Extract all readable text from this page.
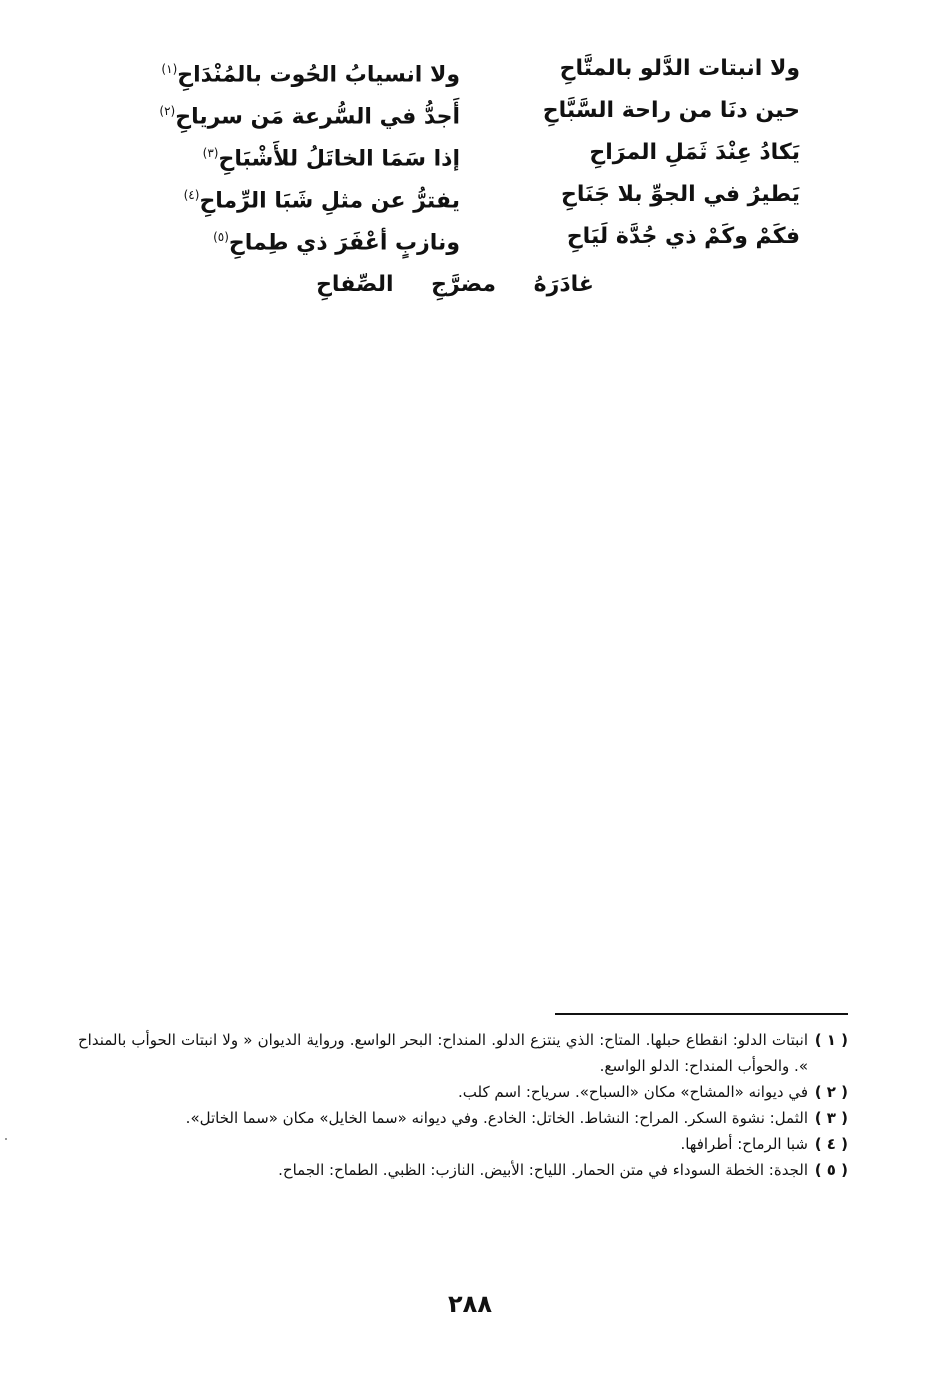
ولا انبتات الدَّلو بالمتَّاحِ
ولا انسيابُ الحُوت بالمُنْدَاحِ$^{(١)}$
حين دنَا من راحة السَّبَّاحِ
أَجدُّ في السُّرعة مَن سرياحِ$^{(٢)}$
يَكادُ عِنْدَ ثَمَلِ المرَاحِ
إذا سَمَا الخاتَلُ للأَشْبَاحِ$^{(٣)}$
يَطيرُ في الجوِّ بلا جَنَاحِ
يفترُّ عن مثلِ شَبَا الرِّماحِ$^{(٤)}$
فكَمْ وكَمْ ذي جُدَّة لَيَاحِ
ونازبٍ أعْفَرَ ذي طِماحِ$^{(٥)}$
غادَرَهُ مضرَّجِ الصِّفاحِ

( ١ )
انبتات الدلو: انقطاع حبلها. المتاح: الذي ينتزع الدلو. المنداح: البحر الواسع. ورواية الديوان « ولا انبتات الحوأب بالمنداح ». والحوأب المنداح: الدلو الواسع.

( ٢ )
في ديوانه «المشاح» مكان «السباح». سرياح: اسم كلب.

( ٣ )
الثمل: نشوة السكر. المراح: النشاط. الخاتل: الخادع. وفي ديوانه «سما الخايل» مكان «سما الخاتل».

( ٤ )
شبا الرماح: أطرافها.

( ٥ )
الجدة: الخطة السوداء في متن الحمار. اللياح: الأبيض. النازب: الظبي. الطماح: الجماح.

٢٨٨
